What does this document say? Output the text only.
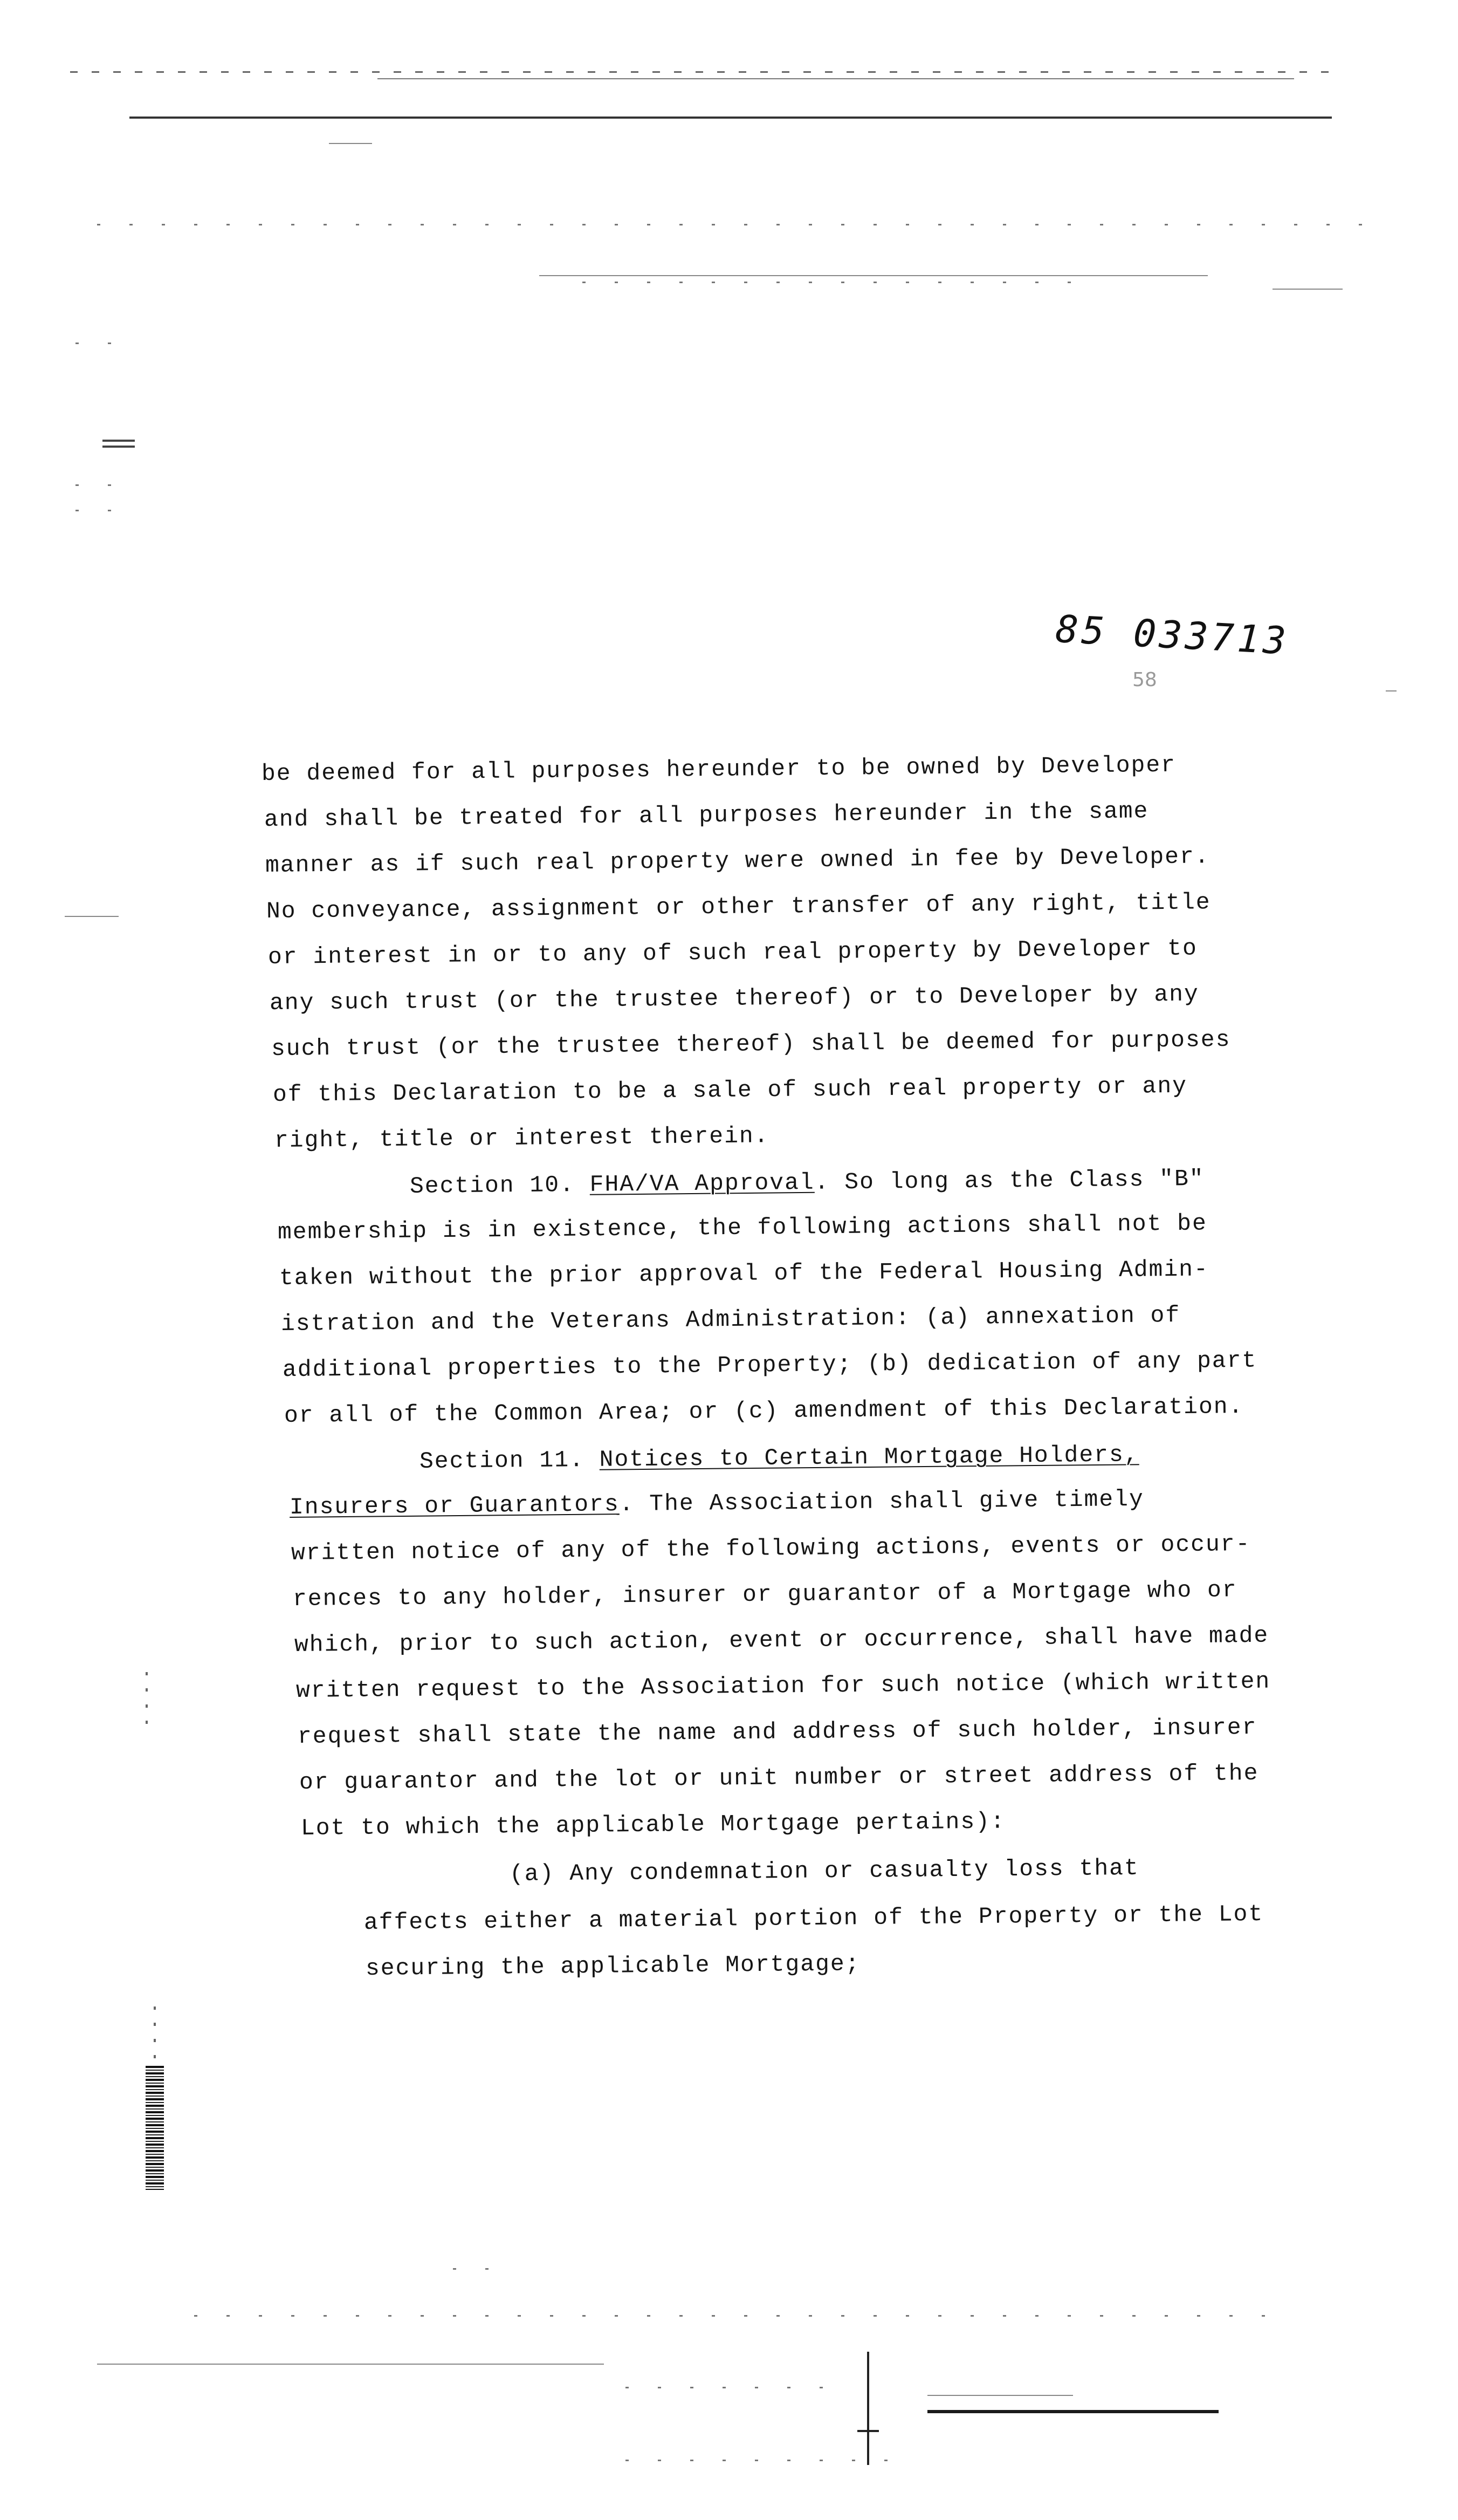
85 033713
58
be deemed for all purposes hereunder to be owned by Developer
and shall be treated for all purposes hereunder in the same
manner as if such real property were owned in fee by Developer.
No conveyance, assignment or other transfer of any right, title
or interest in or to any of such real property by Developer to
any such trust (or the trustee thereof) or to Developer by any
such trust (or the trustee thereof) shall be deemed for purposes
of this Declaration to be a sale of such real property or any
right, title or interest therein.
Section 10. FHA/VA Approval. So long as the Class "B"
membership is in existence, the following actions shall not be
taken without the prior approval of the Federal Housing Admin-
istration and the Veterans Administration: (a) annexation of
additional properties to the Property; (b) dedication of any part
or all of the Common Area; or (c) amendment of this Declaration.
Section 11. Notices to Certain Mortgage Holders,
Insurers or Guarantors. The Association shall give timely
written notice of any of the following actions, events or occur-
rences to any holder, insurer or guarantor of a Mortgage who or
which, prior to such action, event or occurrence, shall have made
written request to the Association for such notice (which written
request shall state the name and address of such holder, insurer
or guarantor and the lot or unit number or street address of the
Lot to which the applicable Mortgage pertains):
(a) Any condemnation or casualty loss that
affects either a material portion of the Property or the Lot
securing the applicable Mortgage;
